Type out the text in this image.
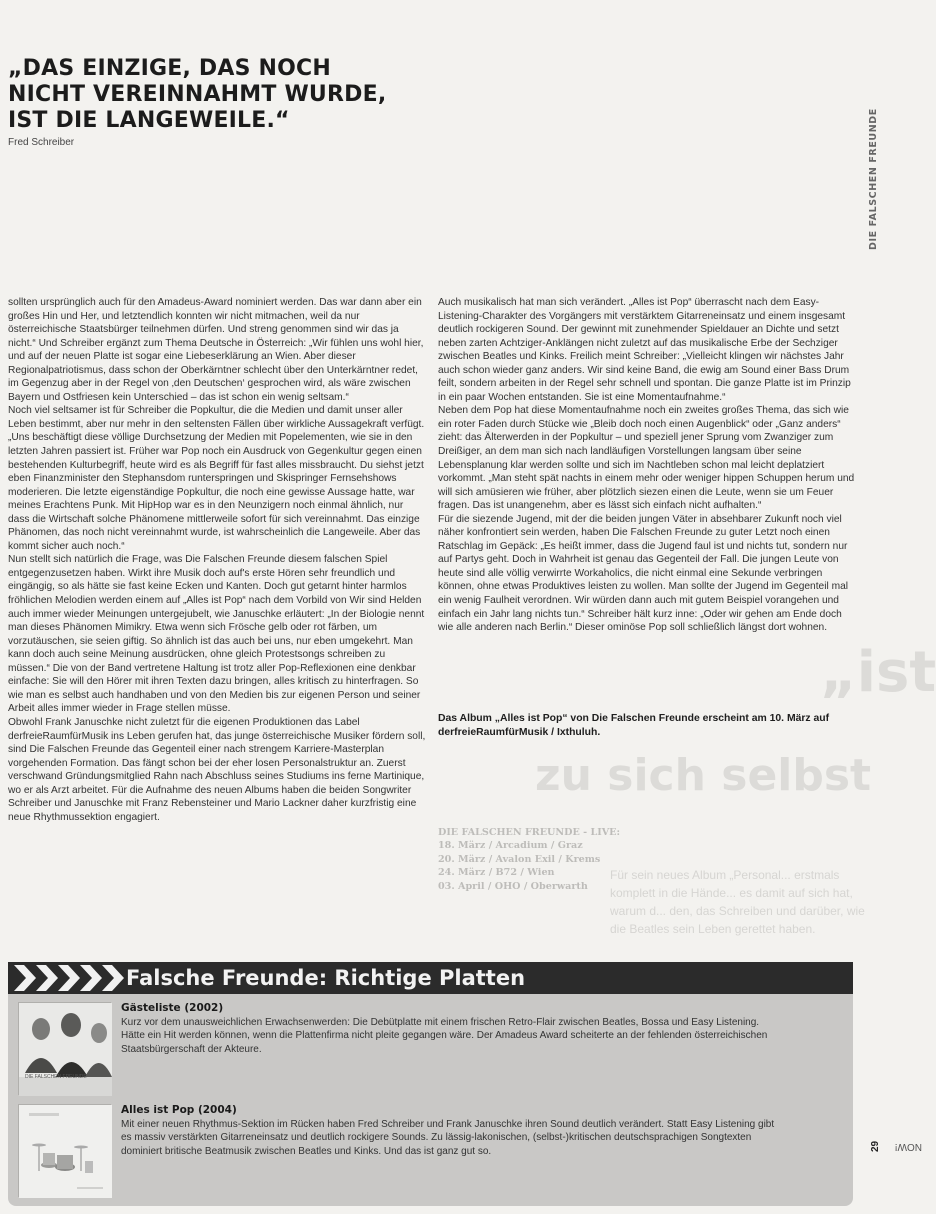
„ist
zu sich selbst
Für sein neues Album „Personal... erstmals komplett in die Hände... es damit auf sich hat, warum d... den, das Schreiben und darüber, wie die Beatles sein Leben gerettet haben.
„DAS EINZIGE, DAS NOCH
NICHT VEREINNAHMT WURDE,
IST DIE LANGEWEILE.“
Fred Schreiber	DIE FALSCHEN FREUNDE
NOW!
29

sollten ursprünglich auch für den Amadeus-Award nominiert werden. Das war dann aber ein großes Hin und Her, und letztendlich konnten wir nicht mitmachen, weil da nur österreichische Staatsbürger teilnehmen dürfen. Und streng genommen sind wir das ja nicht.“ Und Schreiber ergänzt zum Thema Deutsche in Österreich: „Wir fühlen uns wohl hier, und auf der neuen Platte ist sogar eine Liebeserklärung an Wien. Aber dieser Regionalpatriotismus, dass schon der Oberkärntner schlecht über den Unterkärntner redet, im Gegenzug aber in der Regel von ‚den Deutschen‘ gesprochen wird, als wäre zwischen Bayern und Ostfriesen kein Unterschied – das ist schon ein wenig seltsam.“

Noch viel seltsamer ist für Schreiber die Popkultur, die die Medien und damit unser aller Leben bestimmt, aber nur mehr in den seltensten Fällen über wirkliche Aussagekraft verfügt. „Uns beschäftigt diese völlige Durchsetzung der Medien mit Popelementen, wie sie in den letzten Jahren passiert ist. Früher war Pop noch ein Ausdruck von Gegenkultur gegen einen bestehenden Kulturbegriff, heute wird es als Begriff für fast alles missbraucht. Du siehst jetzt eben Finanzminister den Stephansdom runterspringen und Skispringer Fernsehshows moderieren. Die letzte eigenständige Popkultur, die noch eine gewisse Aussage hatte, war meines Erachtens Punk. Mit HipHop war es in den Neunzigern noch einmal ähnlich, nur dass die Wirtschaft solche Phänomene mittlerweile sofort für sich vereinnahmt. Das einzige Phänomen, das noch nicht vereinnahmt wurde, ist wahrscheinlich die Langeweile. Aber das kommt sicher auch noch.“

Nun stellt sich natürlich die Frage, was Die Falschen Freunde diesem falschen Spiel entgegenzusetzen haben. Wirkt ihre Musik doch auf's erste Hören sehr freundlich und eingängig, so als hätte sie fast keine Ecken und Kanten. Doch gut getarnt hinter harmlos fröhlichen Melodien werden einem auf „Alles ist Pop“ nach dem Vorbild von Wir sind Helden auch immer wieder Meinungen untergejubelt, wie Januschke erläutert: „In der Biologie nennt man dieses Phänomen Mimikry. Etwa wenn sich Frösche gelb oder rot färben, um vorzutäuschen, sie seien giftig. So ähnlich ist das auch bei uns, nur eben umgekehrt. Man kann doch auch seine Meinung ausdrücken, ohne gleich Protestsongs schreiben zu müssen.“ Die von der Band vertretene Haltung ist trotz aller Pop-Reflexionen eine denkbar einfache: Sie will den Hörer mit ihren Texten dazu bringen, alles kritisch zu hinterfragen. So wie man es selbst auch handhaben und von den Medien bis zur eigenen Person und seiner Arbeit alles immer wieder in Frage stellen müsse.

Obwohl Frank Januschke nicht zuletzt für die eigenen Produktionen das Label derfreieRaumfürMusik ins Leben gerufen hat, das junge österreichische Musiker fördern soll, sind Die Falschen Freunde das Gegenteil einer nach strengem Karriere-Masterplan vorgehenden Formation. Das fängt schon bei der eher losen Personalstruktur an. Zuerst verschwand Gründungsmitglied Rahn nach Abschluss seines Studiums ins ferne Martinique, wo er als Arzt arbeitet. Für die Aufnahme des neuen Albums haben die beiden Songwriter Schreiber und Januschke mit Franz Rebensteiner und Mario Lackner daher kurzfristig eine neue Rhythmussektion engagiert.

Auch musikalisch hat man sich verändert. „Alles ist Pop“ überrascht nach dem Easy-Listening-Charakter des Vorgängers mit verstärktem Gitarreneinsatz und einem insgesamt deutlich rockigeren Sound. Der gewinnt mit zunehmender Spieldauer an Dichte und setzt neben zarten Achtziger-Anklängen nicht zuletzt auf das musikalische Erbe der Sechziger zwischen Beatles und Kinks. Freilich meint Schreiber: „Vielleicht klingen wir nächstes Jahr auch schon wieder ganz anders. Wir sind keine Band, die ewig am Sound einer Bass Drum feilt, sondern arbeiten in der Regel sehr schnell und spontan. Die ganze Platte ist im Prinzip in ein paar Wochen entstanden. Sie ist eine Momentaufnahme.“

Neben dem Pop hat diese Momentaufnahme noch ein zweites großes Thema, das sich wie ein roter Faden durch Stücke wie „Bleib doch noch einen Augenblick“ oder „Ganz anders“ zieht: das Älterwerden in der Popkultur – und speziell jener Sprung vom Zwanziger zum Dreißiger, an dem man sich nach landläufigen Vorstellungen langsam über seine Lebensplanung klar werden sollte und sich im Nachtleben schon mal leicht deplatziert vorkommt. „Man steht spät nachts in einem mehr oder weniger hippen Schuppen herum und will sich amüsieren wie früher, aber plötzlich siezen einen die Leute, wenn sie um Feuer fragen. Das ist unangenehm, aber es lässt sich einfach nicht aufhalten.“

Für die siezende Jugend, mit der die beiden jungen Väter in absehbarer Zukunft noch viel näher konfrontiert sein werden, haben Die Falschen Freunde zu guter Letzt noch einen Ratschlag im Gepäck: „Es heißt immer, dass die Jugend faul ist und nichts tut, sondern nur auf Partys geht. Doch in Wahrheit ist genau das Gegenteil der Fall. Die jungen Leute von heute sind alle völlig verwirrte Workaholics, die nicht einmal eine Sekunde verbringen können, ohne etwas Produktives leisten zu wollen. Man sollte der Jugend im Gegenteil mal ein wenig Faulheit verordnen. Wir würden dann auch mit gutem Beispiel vorangehen und einfach ein Jahr lang nichts tun.“ Schreiber hält kurz inne: „Oder wir gehen am Ende doch wie alle anderen nach Berlin.“ Dieser ominöse Pop soll schließlich längst dort wohnen.

Das Album „Alles ist Pop“ von Die Falschen Freunde erscheint am 10. März auf derfreieRaumfürMusik / Ixthuluh.
DIE FALSCHEN FREUNDE - LIVE:
18. März / Arcadium / Graz
20. März / Avalon Exil / Krems
24. März / B72 / Wien
03. April / OHO / Oberwarth
Falsche Freunde: Richtige Platten
DIE FALSCHEN FREUNDE
Gästeliste (2002)
Kurz vor dem unausweichlichen Erwachsenwerden: Die Debütplatte mit einem frischen Retro-Flair zwischen Beatles, Bossa und Easy Listening. Hätte ein Hit werden können, wenn die Plattenfirma nicht pleite gegangen wäre. Der Amadeus Award scheiterte an der fehlenden österreichischen Staatsbürgerschaft der Akteure.
Alles ist Pop (2004)
Mit einer neuen Rhythmus-Sektion im Rücken haben Fred Schreiber und Frank Januschke ihren Sound deutlich verändert. Statt Easy Listening gibt es massiv verstärkten Gitarreneinsatz und deutlich rockigere Sounds. Zu lässig-lakonischen, (selbst-)kritischen deutschsprachigen Songtexten dominiert britische Beatmusik zwischen Beatles und Kinks. Und das ist ganz gut so.
